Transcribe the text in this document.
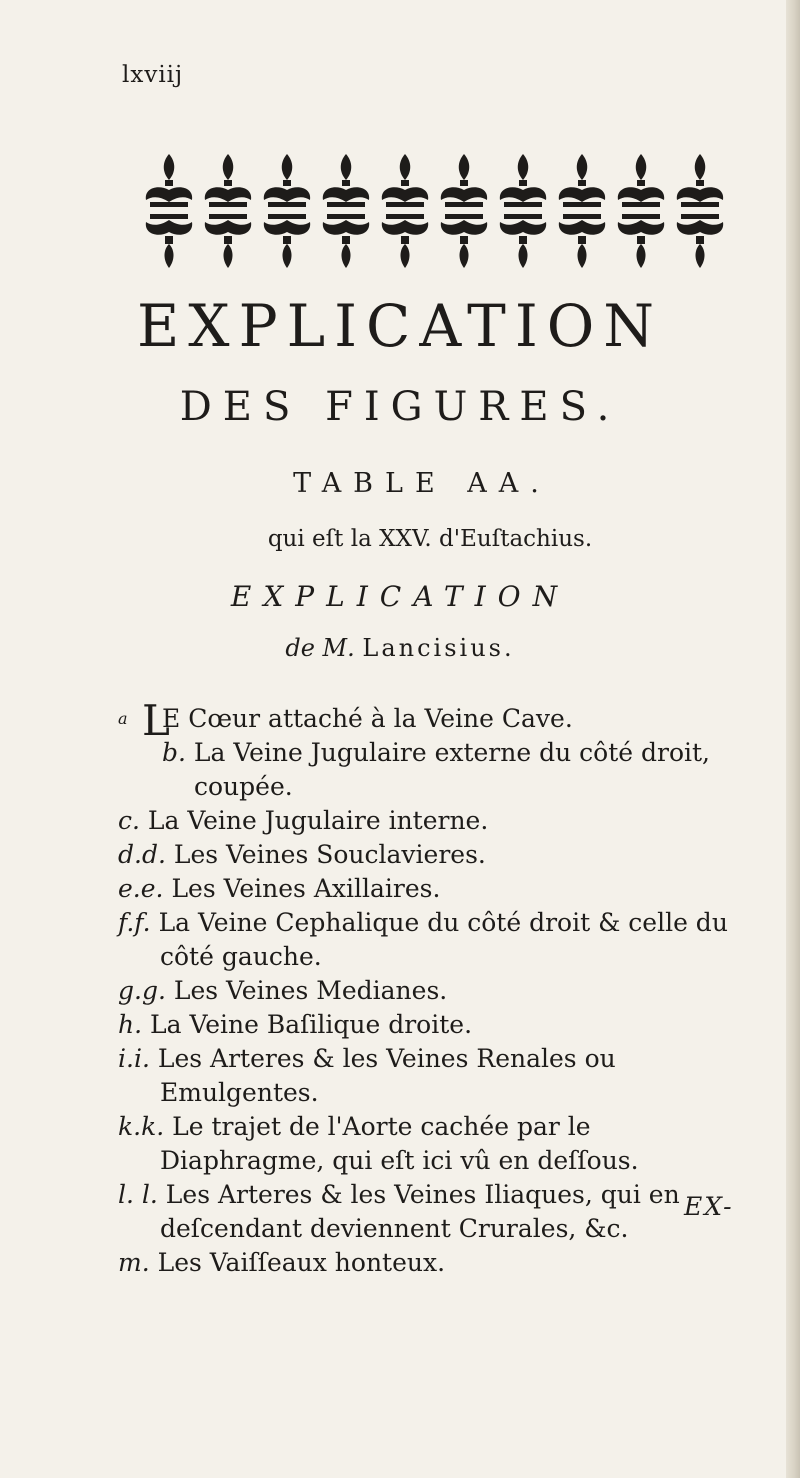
lxviij
EXPLICATION
DES FIGURES.
TABLE AA.
qui eſt la XXV. d'Euſtachius.
EXPLICATION
de M. Lancisius.
a L
E Cœur attaché à la Veine Cave.
b. La Veine Jugulaire externe du côté droit, coupée.
c. La Veine Jugulaire interne.
d.d. Les Veines Souclavieres.
e.e. Les Veines Axillaires.
f.f. La Veine Cephalique du côté droit & celle du côté gauche.
g.g. Les Veines Medianes.
h. La Veine Baſilique droite.
i.i. Les Arteres & les Veines Renales ou Emulgentes.
k.k. Le trajet de l'Aorte cachée par le Diaphragme, qui eſt ici vû en deſſous.
l. l. Les Arteres & les Veines Iliaques, qui en deſcendant deviennent Crurales, &c.
m. Les Vaiſſeaux honteux.
EX-
